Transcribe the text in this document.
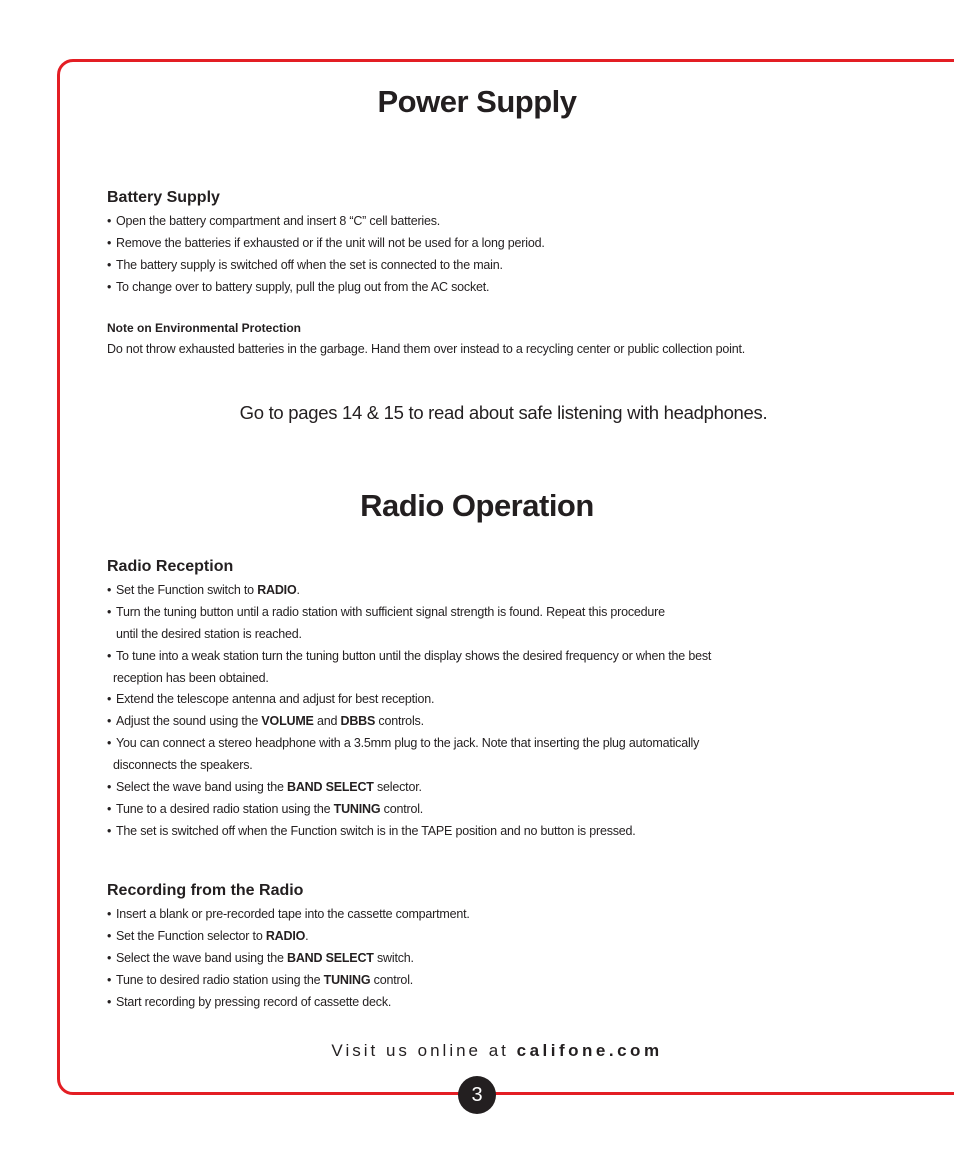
Power Supply
Battery Supply
• Open the battery compartment and insert 8 “C” cell batteries.
• Remove the batteries if exhausted or if the unit will not be used for a long period.
• The battery supply is switched off when the set is connected to the main.
• To change over to battery supply, pull the plug out from the AC socket.
Note on Environmental Protection
Do not throw exhausted batteries in the garbage. Hand them over instead to a recycling center or public collection point.
Go to pages 14 & 15 to read about safe listening with headphones.
Radio Operation
Radio Reception
• Set the Function switch to RADIO.
• Turn the tuning button until a radio station with sufficient signal strength is found. Repeat this procedure
until the desired station is reached.
• To tune into a weak station turn the tuning button until the display shows the desired frequency or when the best
reception has been obtained.
• Extend the telescope antenna and adjust for best reception.
• Adjust the sound using the VOLUME and DBBS controls.
• You can connect a stereo headphone with a 3.5mm plug to the jack. Note that inserting the plug automatically
disconnects the speakers.
• Select the wave band using the BAND SELECT selector.
• Tune to a desired radio station using the TUNING control.
• The set is switched off when the Function switch is in the TAPE position and no button is pressed.
Recording from the Radio
• Insert a blank or pre-recorded tape into the cassette compartment.
• Set the Function selector to RADIO.
• Select the wave band using the BAND SELECT switch.
• Tune to desired radio station using the TUNING control.
• Start recording by pressing record of cassette deck.
Visit us online at califone.com
3
